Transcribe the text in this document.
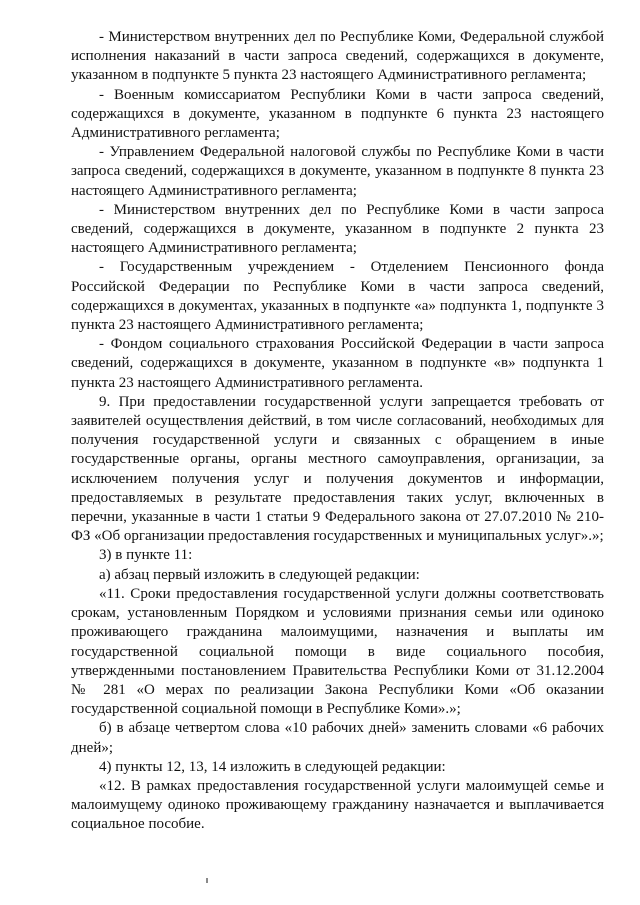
- Министерством внутренних дел по Республике Коми, Федеральной службой исполнения наказаний в части запроса сведений, содержащихся в документе, указанном в подпункте 5 пункта 23 настоящего Административного регламента;

- Военным комиссариатом Республики Коми в части запроса сведений, содержащихся в документе, указанном в подпункте 6 пункта 23 настоящего Административного регламента;

- Управлением Федеральной налоговой службы по Республике Коми в части запроса сведений, содержащихся в документе, указанном в подпункте 8 пункта 23 настоящего Административного регламента;

- Министерством внутренних дел по Республике Коми в части запроса сведений, содержащихся в документе, указанном в подпункте 2 пункта 23 настоящего Административного регламента;

- Государственным учреждением - Отделением Пенсионного фонда Российской Федерации по Республике Коми в части запроса сведений, содержащихся в документах, указанных в подпункте «а» подпункта 1, подпункте 3 пункта 23 настоящего Административного регламента;

- Фондом социального страхования Российской Федерации в части запроса сведений, содержащихся в документе, указанном в подпункте «в» подпункта 1 пункта 23 настоящего Административного регламента.

9. При предоставлении государственной услуги запрещается требовать от заявителей осуществления действий, в том числе согласований, необходимых для получения государственной услуги и связанных с обращением в иные государственные органы, органы местного самоуправления, организации, за исключением получения услуг и получения документов и информации, предоставляемых в результате предоставления таких услуг, включенных в перечни, указанные в части 1 статьи 9 Федерального закона от 27.07.2010 № 210-ФЗ «Об организации предоставления государственных и муниципальных услуг».»;

3) в пункте 11:

а) абзац первый изложить в следующей редакции:

«11. Сроки предоставления государственной услуги должны соответствовать срокам, установленным Порядком и условиями признания семьи или одиноко проживающего гражданина малоимущими, назначения и выплаты им государственной социальной помощи в виде социального пособия, утвержденными постановлением Правительства Республики Коми от 31.12.2004 № 281 «О мерах по реализации Закона Республики Коми «Об оказании государственной социальной помощи в Республике Коми».»;

б) в абзаце четвертом слова «10 рабочих дней» заменить словами «6 рабочих дней»;

4) пункты 12, 13, 14 изложить в следующей редакции:

«12. В рамках предоставления государственной услуги малоимущей семье и малоимущему одиноко проживающему гражданину назначается и выплачивается социальное пособие.
